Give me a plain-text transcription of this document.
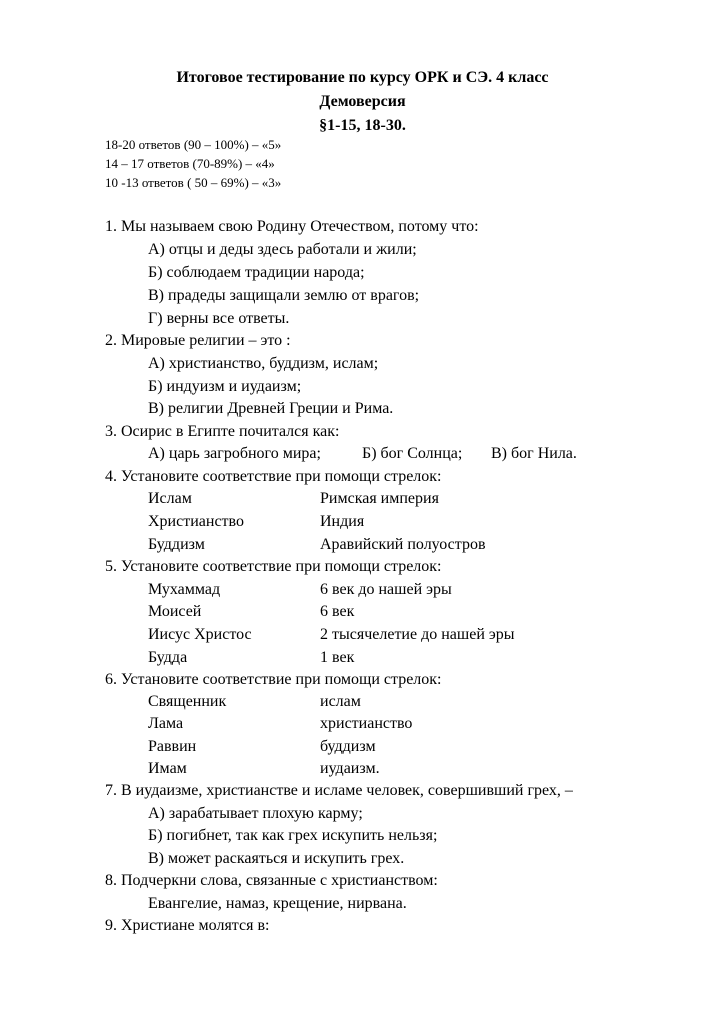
Итоговое тестирование по курсу ОРК и СЭ. 4 класс
Демоверсия
§1-15, 18-30.
18-20 ответов (90 – 100%) – «5»
14 – 17 ответов (70-89%) – «4»
10 -13 ответов ( 50 – 69%) – «3»
1. Мы называем свою Родину Отечеством, потому что:
А) отцы и деды здесь работали и жили;
Б) соблюдаем традиции народа;
В) прадеды защищали землю от врагов;
Г) верны все ответы.
2. Мировые религии – это :
А) христианство, буддизм, ислам;
Б) индуизм и иудаизм;
В) религии Древней Греции и Рима.
3. Осирис в Египте почитался как:
А) царь загробного мира;	Б) бог Солнца; В) бог Нила.
4. Установите соответствие при помощи стрелок:
Ислам	Римская империя
Христианство	Индия
Буддизм	Аравийский полуостров
5. Установите соответствие при помощи стрелок:
Мухаммад	6 век до нашей эры
Моисей	6 век
Иисус Христос	2 тысячелетие до нашей эры
Будда	1 век
6. Установите соответствие при помощи стрелок:
Священник	ислам
Лама	христианство
Раввин	буддизм
Имам	иудаизм.
7. В иудаизме, христианстве и исламе человек, совершивший грех, –
А) зарабатывает плохую карму;
Б) погибнет, так как грех искупить нельзя;
В) может раскаяться и искупить грех.
8. Подчеркни слова, связанные с христианством:
Евангелие, намаз, крещение, нирвана.
9. Христиане молятся в:
